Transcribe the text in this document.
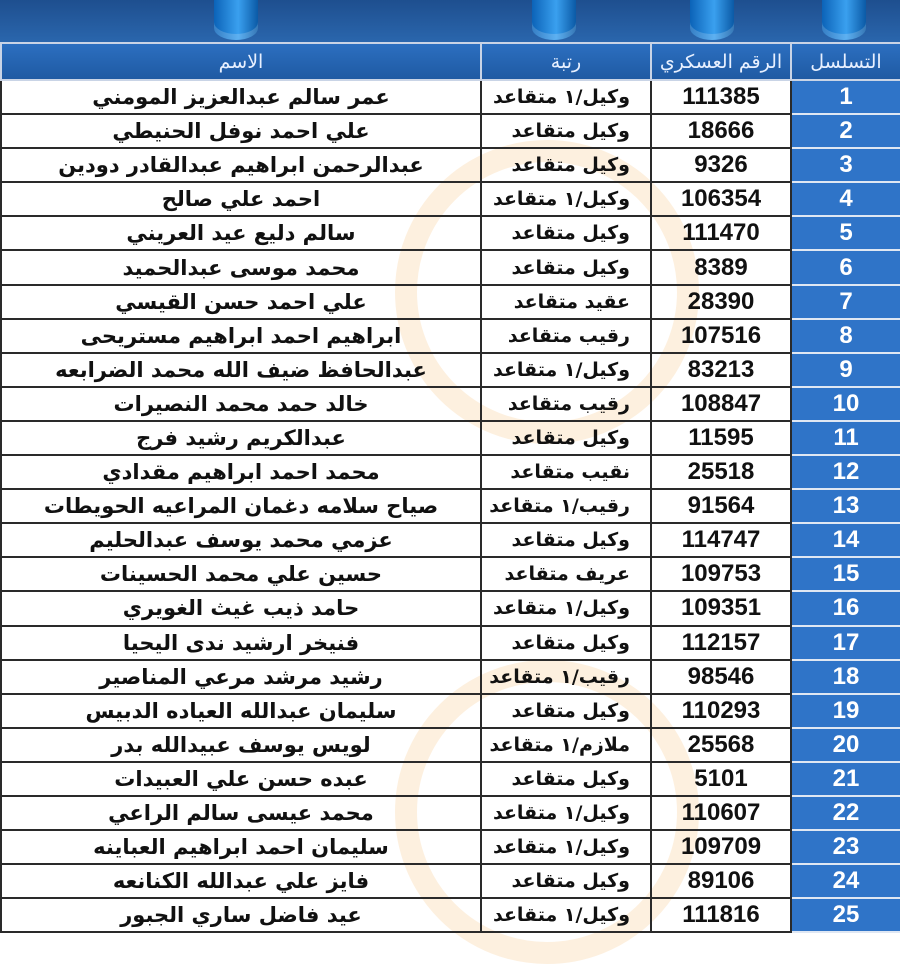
الاسم	رتبة	الرقم العسكري	التسلسل
عمر سالم عبدالعزيز المومني	وكيل/١ متقاعد	111385	1
علي احمد نوفل الحنيطي	وكيل متقاعد	18666	2
عبدالرحمن ابراهيم عبدالقادر دودين	وكيل متقاعد	9326	3
احمد علي صالح	وكيل/١ متقاعد	106354	4
سالم دليع عيد العريني	وكيل متقاعد	111470	5
محمد موسى عبدالحميد	وكيل متقاعد	8389	6
علي احمد حسن القيسي	عقيد متقاعد	28390	7
ابراهيم احمد ابراهيم مستريحى	رقيب متقاعد	107516	8
عبدالحافظ ضيف الله محمد الضرابعه	وكيل/١ متقاعد	83213	9
خالد حمد محمد النصيرات	رقيب متقاعد	108847	10
عبدالكريم رشيد فرج	وكيل متقاعد	11595	11
محمد احمد ابراهيم مقدادي	نقيب متقاعد	25518	12
صياح سلامه دغمان المراعيه الحويطات	رقيب/١ متقاعد	91564	13
عزمي محمد يوسف عبدالحليم	وكيل متقاعد	114747	14
حسين علي محمد الحسينات	عريف متقاعد	109753	15
حامد ذيب غيث الغويري	وكيل/١ متقاعد	109351	16
فنيخر ارشيد ندى اليحيا	وكيل متقاعد	112157	17
رشيد مرشد مرعي المناصير	رقيب/١ متقاعد	98546	18
سليمان عبدالله العياده الدبيس	وكيل متقاعد	110293	19
لويس يوسف عبيدالله بدر	ملازم/١ متقاعد	25568	20
عبده حسن علي العبيدات	وكيل متقاعد	5101	21
محمد عيسى سالم الراعي	وكيل/١ متقاعد	110607	22
سليمان احمد ابراهيم العباينه	وكيل/١ متقاعد	109709	23
فايز علي عبدالله الكنانعه	وكيل متقاعد	89106	24
عيد فاضل ساري الجبور	وكيل/١ متقاعد	111816	25
